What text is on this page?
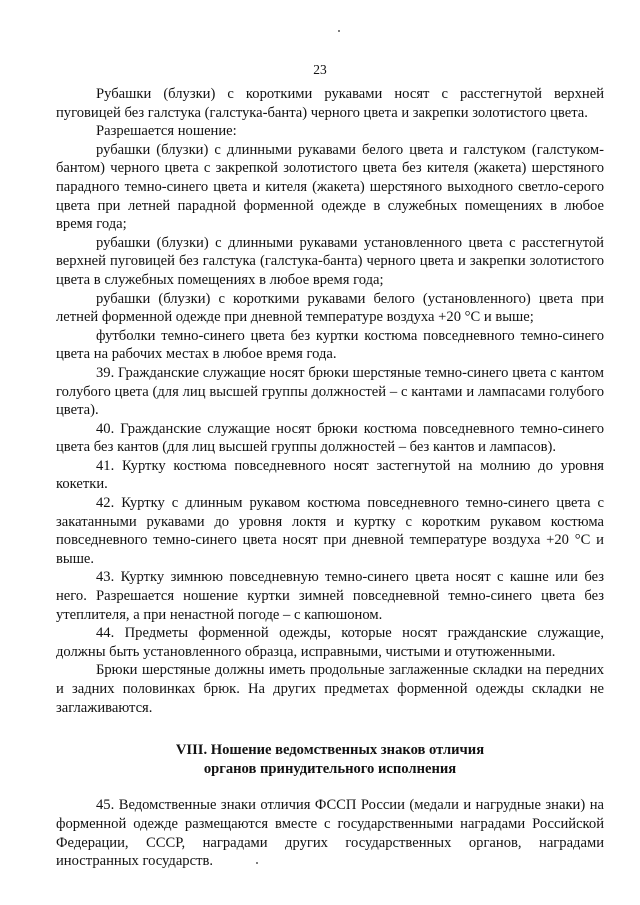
23

Рубашки (блузки) с короткими рукавами носят с расстегнутой верхней пуговицей без галстука (галстука-банта) черного цвета и закрепки золотистого цвета.

Разрешается ношение:

рубашки (блузки) с длинными рукавами белого цвета и галстуком (галстуком-бантом) черного цвета с закрепкой золотистого цвета без кителя (жакета) шерстяного парадного темно-синего цвета и кителя (жакета) шерстяного выходного светло-серого цвета при летней парадной форменной одежде в служебных помещениях в любое время года;

рубашки (блузки) с длинными рукавами установленного цвета с расстегнутой верхней пуговицей без галстука (галстука-банта) черного цвета и закрепки золотистого цвета в служебных помещениях в любое время года;

рубашки (блузки) с короткими рукавами белого (установленного) цвета при летней форменной одежде при дневной температуре воздуха +20 °C и выше;

футболки темно-синего цвета без куртки костюма повседневного темно-синего цвета на рабочих местах в любое время года.

39. Гражданские служащие носят брюки шерстяные темно-синего цвета с кантом голубого цвета (для лиц высшей группы должностей – с кантами и лампасами голубого цвета).

40. Гражданские служащие носят брюки костюма повседневного темно-синего цвета без кантов (для лиц высшей группы должностей – без кантов и лампасов).

41. Куртку костюма повседневного носят застегнутой на молнию до уровня кокетки.

42. Куртку с длинным рукавом костюма повседневного темно-синего цвета с закатанными рукавами до уровня локтя и куртку с коротким рукавом костюма повседневного темно-синего цвета носят при дневной температуре воздуха +20 °C и выше.

43. Куртку зимнюю повседневную темно-синего цвета носят с кашне или без него. Разрешается ношение куртки зимней повседневной темно-синего цвета без утеплителя, а при ненастной погоде – с капюшоном.

44. Предметы форменной одежды, которые носят гражданские служащие, должны быть установленного образца, исправными, чистыми и отутюженными.

Брюки шерстяные должны иметь продольные заглаженные складки на передних и задних половинках брюк. На других предметах форменной одежды складки не заглаживаются.

VIII. Ношение ведомственных знаков отличия
органов принудительного исполнения

45. Ведомственные знаки отличия ФССП России (медали и нагрудные знаки) на форменной одежде размещаются вместе с государственными наградами Российской Федерации, СССР, наградами других государственных органов, наградами иностранных государств.
